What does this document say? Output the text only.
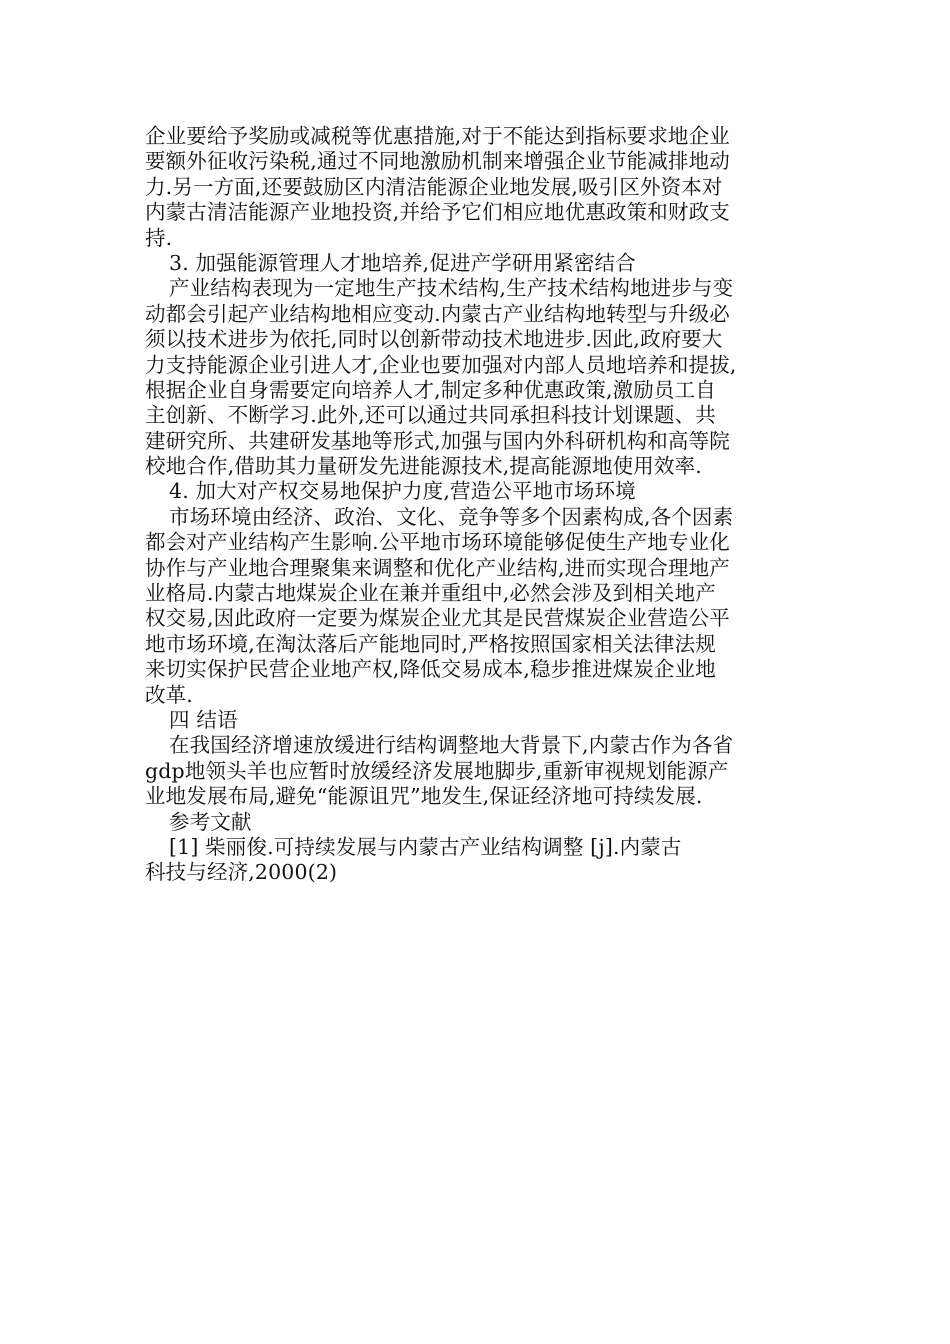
企业要给予奖励或减税等优惠措施,对于不能达到指标要求地企业
要额外征收污染税,通过不同地激励机制来增强企业节能减排地动
力.另一方面,还要鼓励区内清洁能源企业地发展,吸引区外资本对
内蒙古清洁能源产业地投资,并给予它们相应地优惠政策和财政支
持.
3. 加强能源管理人才地培养,促进产学研用紧密结合
产业结构表现为一定地生产技术结构,生产技术结构地进步与变
动都会引起产业结构地相应变动.内蒙古产业结构地转型与升级必
须以技术进步为依托,同时以创新带动技术地进步.因此,政府要大
力支持能源企业引进人才,企业也要加强对内部人员地培养和提拔,
根据企业自身需要定向培养人才,制定多种优惠政策,激励员工自
主创新、不断学习.此外,还可以通过共同承担科技计划课题、共
建研究所、共建研发基地等形式,加强与国内外科研机构和高等院
校地合作,借助其力量研发先进能源技术,提高能源地使用效率.
4. 加大对产权交易地保护力度,营造公平地市场环境
市场环境由经济、政治、文化、竞争等多个因素构成,各个因素
都会对产业结构产生影响.公平地市场环境能够促使生产地专业化
协作与产业地合理聚集来调整和优化产业结构,进而实现合理地产
业格局.内蒙古地煤炭企业在兼并重组中,必然会涉及到相关地产
权交易,因此政府一定要为煤炭企业尤其是民营煤炭企业营造公平
地市场环境,在淘汰落后产能地同时,严格按照国家相关法律法规
来切实保护民营企业地产权,降低交易成本,稳步推进煤炭企业地
改革.
四 结语
在我国经济增速放缓进行结构调整地大背景下,内蒙古作为各省
gdp地领头羊也应暂时放缓经济发展地脚步,重新审视规划能源产
业地发展布局,避免“能源诅咒”地发生,保证经济地可持续发展.
参考文献
[1] 柴丽俊.可持续发展与内蒙古产业结构调整 [j].内蒙古
科技与经济,2000(2)
